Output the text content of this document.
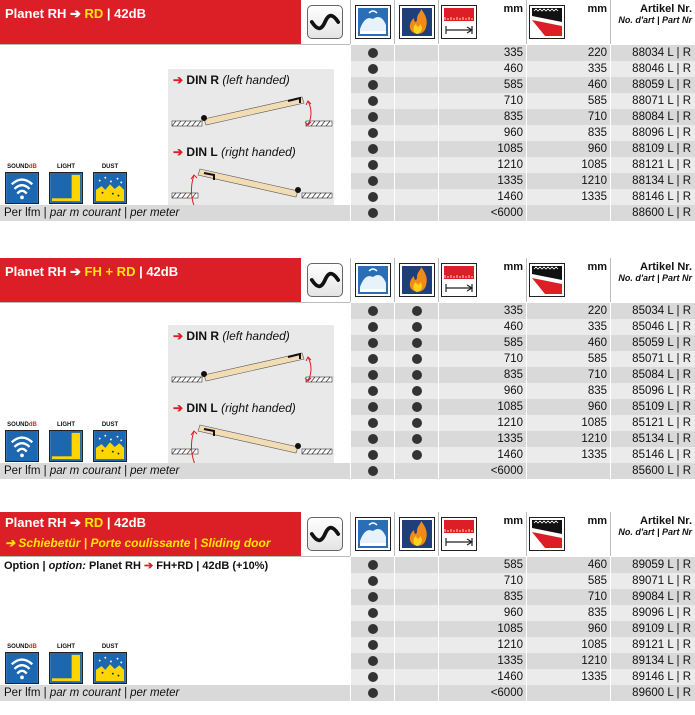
Planet RH ➔ RD | 42dB	mm	mm	Artikel Nr.
No. d'art | Part Nr
➔ DIN R (left handed)
➔ DIN L (right handed)
SOUNDdB	LIGHT	DUST
335	220	88034 L | R
460	335	88046 L | R
585	460	88059 L | R
710	585	88071 L | R
835	710	88084 L | R
960	835	88096 L | R
1085	960	88109 L | R
1210	1085	88121 L | R
1335	1210	88134 L | R
1460	1335	88146 L | R
Per lfm | par m courant | per meter	<6000	88600 L | R
Planet RH ➔ FH + RD | 42dB	mm	mm	Artikel Nr.
No. d'art | Part Nr
➔ DIN R (left handed)
➔ DIN L (right handed)
SOUNDdB	LIGHT	DUST
335	220	85034 L | R
460	335	85046 L | R
585	460	85059 L | R
710	585	85071 L | R
835	710	85084 L | R
960	835	85096 L | R
1085	960	85109 L | R
1210	1085	85121 L | R
1335	1210	85134 L | R
1460	1335	85146 L | R
Per lfm | par m courant | per meter	<6000	85600 L | R
Planet RH ➔ RD | 42dB
➔ Schiebetür | Porte coulissante | Sliding door
mm	mm	Artikel Nr.
No. d'art | Part Nr
Option | option: Planet RH ➔ FH+RD | 42dB (+10%)
SOUNDdB	LIGHT	DUST
585	460	89059 L | R
710	585	89071 L | R
835	710	89084 L | R
960	835	89096 L | R
1085	960	89109 L | R
1210	1085	89121 L | R
1335	1210	89134 L | R
1460	1335	89146 L | R
Per lfm | par m courant | per meter	<6000	89600 L | R
